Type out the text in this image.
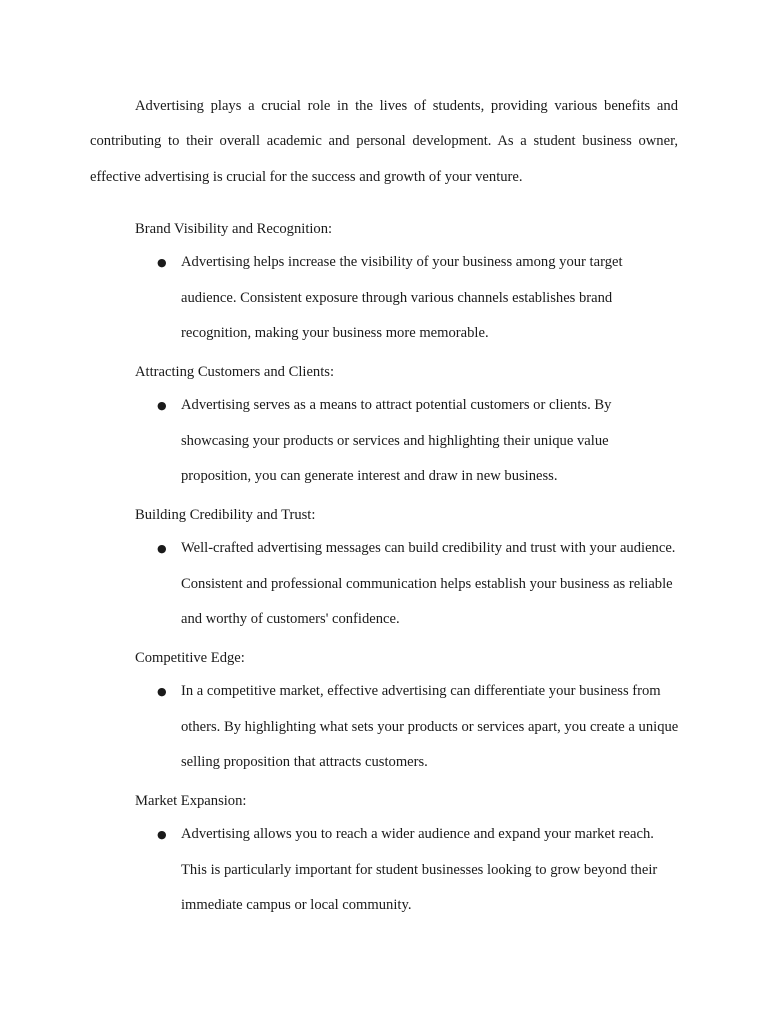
Advertising plays a crucial role in the lives of students, providing various benefits and contributing to their overall academic and personal development. As a student business owner, effective advertising is crucial for the success and growth of your venture.

Brand Visibility and Recognition:

● Advertising helps increase the visibility of your business among your target audience. Consistent exposure through various channels establishes brand recognition, making your business more memorable.

Attracting Customers and Clients:

● Advertising serves as a means to attract potential customers or clients. By showcasing your products or services and highlighting their unique value proposition, you can generate interest and draw in new business.

Building Credibility and Trust:

● Well-crafted advertising messages can build credibility and trust with your audience. Consistent and professional communication helps establish your business as reliable and worthy of customers' confidence.

Competitive Edge:

● In a competitive market, effective advertising can differentiate your business from others. By highlighting what sets your products or services apart, you create a unique selling proposition that attracts customers.

Market Expansion:

● Advertising allows you to reach a wider audience and expand your market reach. This is particularly important for student businesses looking to grow beyond their immediate campus or local community.
